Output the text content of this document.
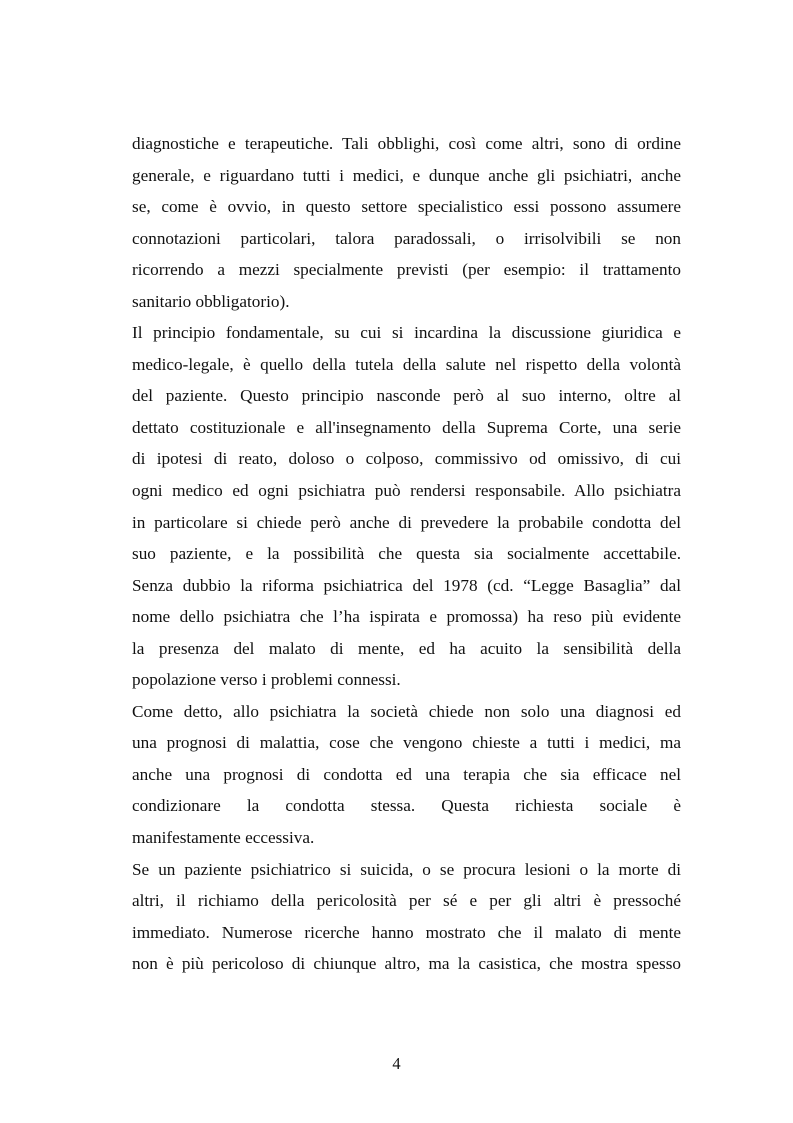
diagnostiche e terapeutiche. Tali obblighi, così come altri, sono di ordine
generale, e riguardano tutti i medici, e dunque anche gli psichiatri, anche
se, come è ovvio, in questo settore specialistico essi possono assumere
connotazioni particolari, talora paradossali, o irrisolvibili se non
ricorrendo a mezzi specialmente previsti (per esempio: il trattamento
sanitario obbligatorio).
Il principio fondamentale, su cui si incardina la discussione giuridica e
medico-legale, è quello della tutela della salute nel rispetto della volontà
del paziente. Questo principio nasconde però al suo interno, oltre al
dettato costituzionale e all'insegnamento della Suprema Corte, una serie
di ipotesi di reato, doloso o colposo, commissivo od omissivo, di cui
ogni medico ed ogni psichiatra può rendersi responsabile. Allo psichiatra
in particolare si chiede però anche di prevedere la probabile condotta del
suo paziente, e la possibilità che questa sia socialmente accettabile.
Senza dubbio la riforma psichiatrica del 1978 (cd. “Legge Basaglia” dal
nome dello psichiatra che l’ha ispirata e promossa) ha reso più evidente
la presenza del malato di mente, ed ha acuito la sensibilità della
popolazione verso i problemi connessi.
Come detto, allo psichiatra la società chiede non solo una diagnosi ed
una prognosi di malattia, cose che vengono chieste a tutti i medici, ma
anche una prognosi di condotta ed una terapia che sia efficace nel
condizionare la condotta stessa. Questa richiesta sociale è
manifestamente eccessiva.
Se un paziente psichiatrico si suicida, o se procura lesioni o la morte di
altri, il richiamo della pericolosità per sé e per gli altri è pressoché
immediato. Numerose ricerche hanno mostrato che il malato di mente
non è più pericoloso di chiunque altro, ma la casistica, che mostra spesso
4
